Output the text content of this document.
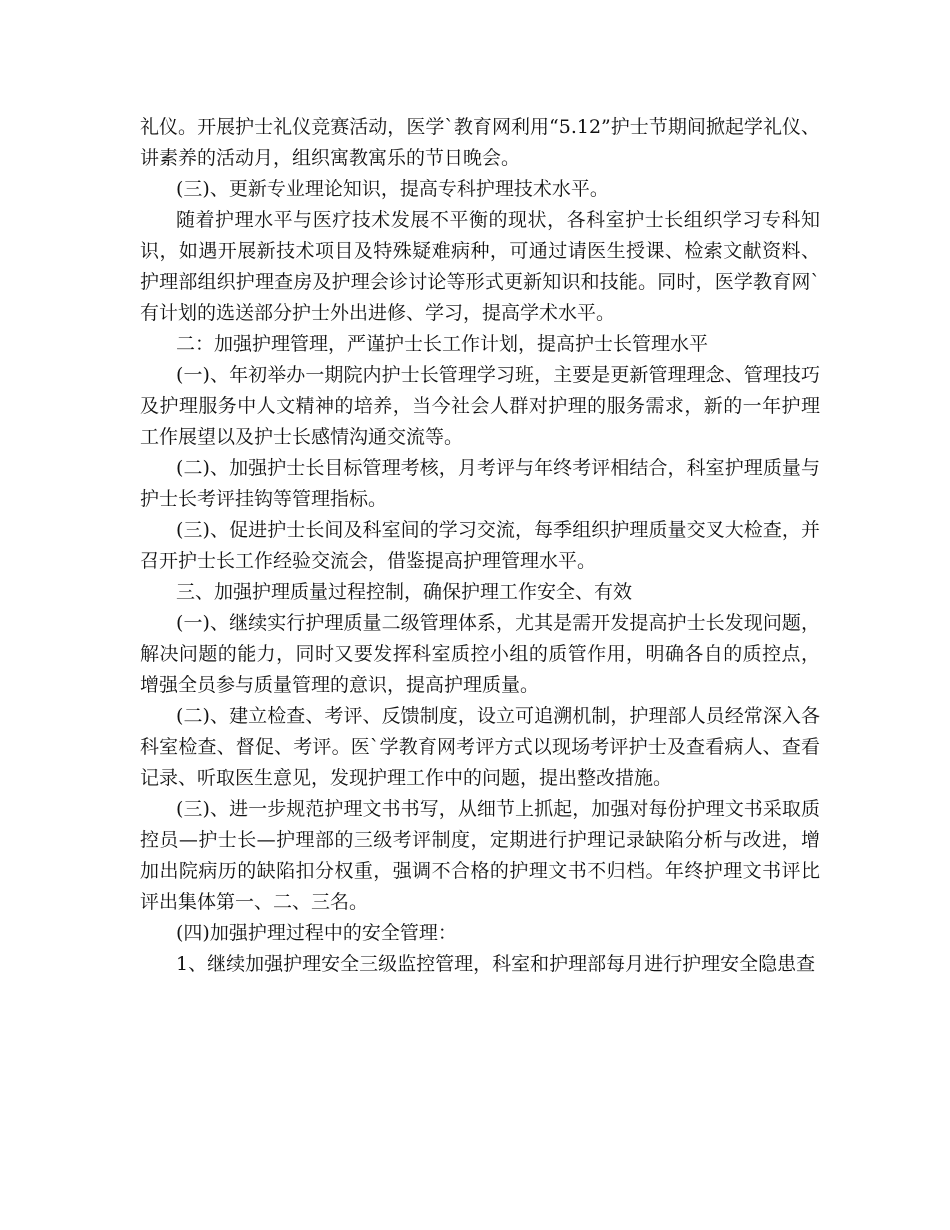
礼仪。开展护士礼仪竞赛活动，医学`教育网利用“5.12”护士节期间掀起学礼仪、讲素养的活动月，组织寓教寓乐的节日晚会。

(三)、更新专业理论知识，提高专科护理技术水平。

随着护理水平与医疗技术发展不平衡的现状，各科室护士长组织学习专科知识，如遇开展新技术项目及特殊疑难病种，可通过请医生授课、检索文献资料、护理部组织护理查房及护理会诊讨论等形式更新知识和技能。同时，医学教育网`有计划的选送部分护士外出进修、学习，提高学术水平。

二：加强护理管理，严谨护士长工作计划，提高护士长管理水平

(一)、年初举办一期院内护士长管理学习班，主要是更新管理理念、管理技巧及护理服务中人文精神的培养，当今社会人群对护理的服务需求，新的一年护理工作展望以及护士长感情沟通交流等。

(二)、加强护士长目标管理考核，月考评与年终考评相结合，科室护理质量与护士长考评挂钩等管理指标。

(三)、促进护士长间及科室间的学习交流，每季组织护理质量交叉大检查，并召开护士长工作经验交流会，借鉴提高护理管理水平。

三、加强护理质量过程控制，确保护理工作安全、有效

(一)、继续实行护理质量二级管理体系，尤其是需开发提高护士长发现问题，解决问题的能力，同时又要发挥科室质控小组的质管作用，明确各自的质控点，增强全员参与质量管理的意识，提高护理质量。

(二)、建立检查、考评、反馈制度，设立可追溯机制，护理部人员经常深入各科室检查、督促、考评。医`学教育网考评方式以现场考评护士及查看病人、查看记录、听取医生意见，发现护理工作中的问题，提出整改措施。

(三)、进一步规范护理文书书写，从细节上抓起，加强对每份护理文书采取质控员—护士长—护理部的三级考评制度，定期进行护理记录缺陷分析与改进，增加出院病历的缺陷扣分权重，强调不合格的护理文书不归档。年终护理文书评比评出集体第一、二、三名。

(四)加强护理过程中的安全管理：

1、继续加强护理安全三级监控管理，科室和护理部每月进行护理安全隐患查
